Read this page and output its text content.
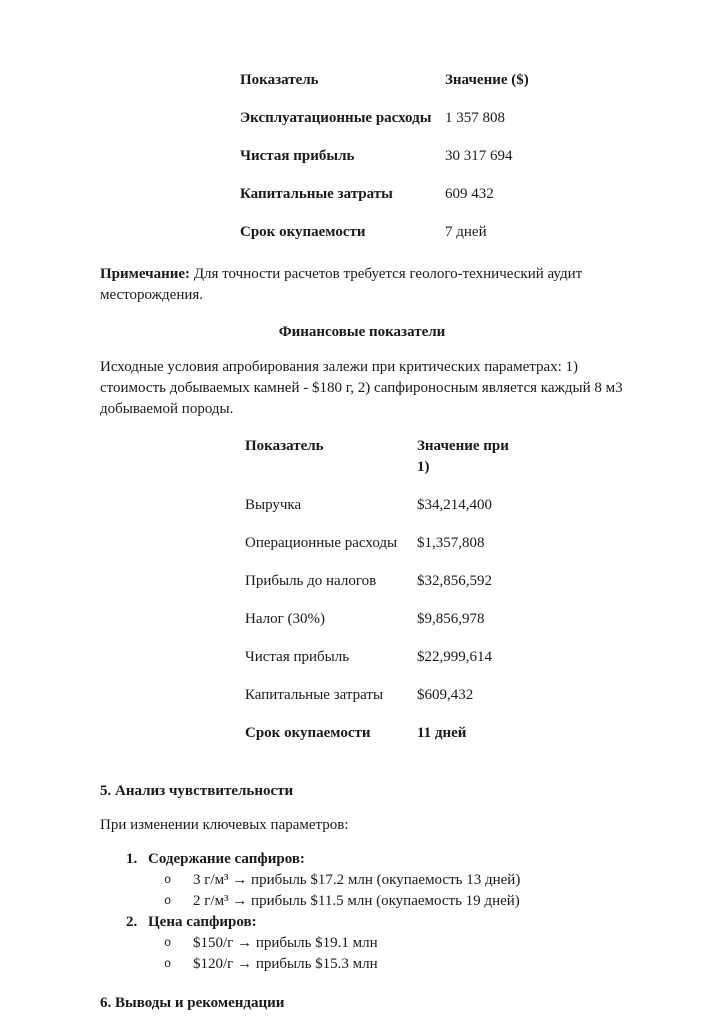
Показатель	Значение ($)
Эксплуатационные расходы	1 357 808
Чистая прибыль	30 317 694
Капитальные затраты	609 432
Срок окупаемости	7 дней

Примечание: Для точности расчетов требуется геолого-технический аудит месторождения.

Финансовые показатели

Исходные условия апробирования залежи при критических параметрах: 1) стоимость добываемых камней - $180 г, 2) сапфироносным является каждый 8 м3 добываемой породы.

Показатель	Значение при 1)
Выручка	$34,214,400
Операционные расходы	$1,357,808
Прибыль до налогов	$32,856,592
Налог (30%)	$9,856,978
Чистая прибыль	$22,999,614
Капитальные затраты	$609,432
Срок окупаемости	11 дней
5. Анализ чувствительности

При изменении ключевых параметров:

1. Содержание сапфиров:
o	3 г/м³ → прибыль $17.2 млн (окупаемость 13 дней)
o	2 г/м³ → прибыль $11.5 млн (окупаемость 19 дней)
2. Цена сапфиров:
o	$150/г → прибыль $19.1 млн
o	$120/г → прибыль $15.3 млн
6. Выводы и рекомендации
